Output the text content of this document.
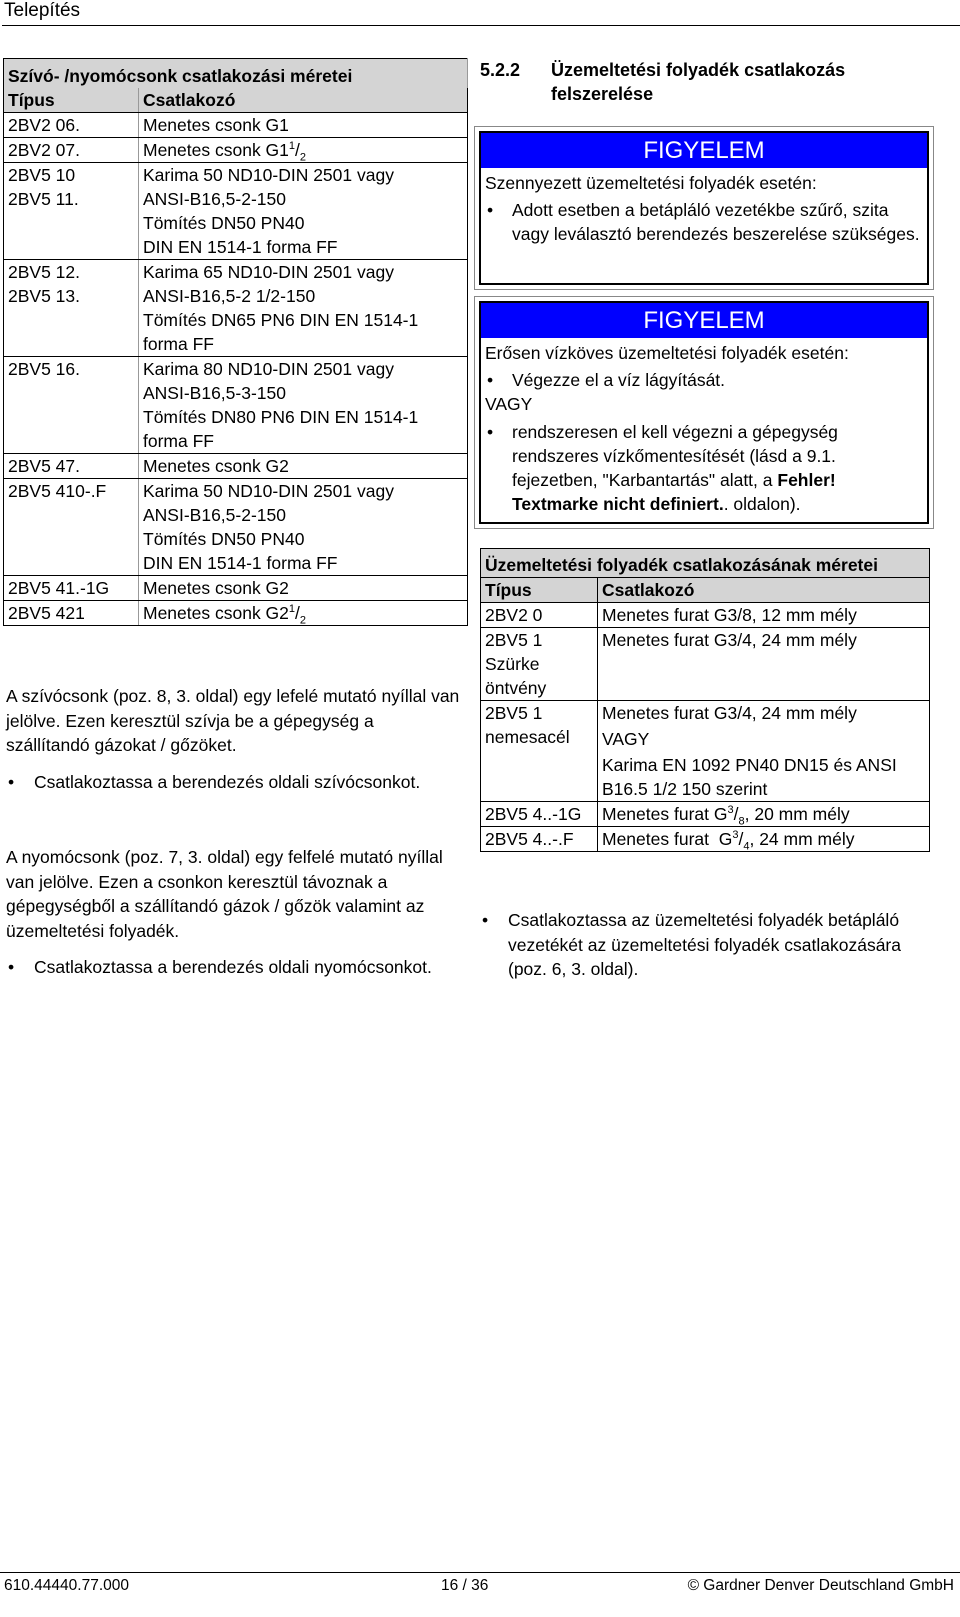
Telepítés
Szívó- /nyomócsonk csatlakozási méretei	
Típus	Csatlakozó
2BV2 06.	Menetes csonk G1
2BV2 07.	Menetes csonk $G1^1/_2$
2BV5 10
2BV5 11.	Karima 50 ND10-DIN 2501 vagy
ANSI-B16,5-2-150
Tömítés DN50 PN40
DIN EN 1514-1 forma FF
2BV5 12.
2BV5 13.	Karima 65 ND10-DIN 2501 vagy
ANSI-B16,5-2 1/2-150
Tömítés DN65 PN6 DIN EN 1514-1
forma FF
2BV5 16.	Karima 80 ND10-DIN 2501 vagy
ANSI-B16,5-3-150
Tömítés DN80 PN6 DIN EN 1514-1
forma FF
2BV5 47.	Menetes csonk G2
2BV5 410-.F	Karima 50 ND10-DIN 2501 vagy
ANSI-B16,5-2-150
Tömítés DN50 PN40
DIN EN 1514-1 forma FF
2BV5 41.-1G	Menetes csonk G2
2BV5 421	Menetes csonk $G2^1/_2$
A szívócsonk (poz. 8, 3. oldal) egy lefelé mutató nyíllal van jelölve. Ezen keresztül szívja be a gépegység a szállítandó gázokat / gőzöket.
• Csatlakoztassa a berendezés oldali szívócsonkot.
A nyomócsonk (poz. 7, 3. oldal) egy felfelé mutató nyíllal van jelölve. Ezen a csonkon keresztül távoznak a gépegységből a szállítandó gázok / gőzök valamint az üzemeltetési folyadék.
• Csatlakoztassa a berendezés oldali nyomócsonkot.
5.2.2 Üzemeltetési folyadék csatlakozás felszerelése
FIGYELEM
Szennyezett üzemeltetési folyadék esetén:
• Adott esetben a betápláló vezetékbe szűrő, szita vagy leválasztó berendezés beszerelése szükséges.
FIGYELEM
Erősen vízköves üzemeltetési folyadék esetén:
• Végezze el a víz lágyítását.
VAGY
• rendszeresen el kell végezni a gépegység rendszeres vízkőmentesítését (lásd a 9.1. fejezetben, "Karbantartás" alatt, a Fehler! Textmarke nicht definiert.. oldalon).
Üzemeltetési folyadék csatlakozásának méretei	
Típus	Csatlakozó
2BV2 0	Menetes furat G3/8, 12 mm mély
2BV5 1
Szürke
öntvény	Menetes furat G3/4, 24 mm mély
2BV5 1
nemesacél	Menetes furat G3/4, 24 mm mély

VAGY
Karima EN 1092 PN40 DN15 és ANSI B16.5 1/2 150 szerint

2BV5 4..-1G	Menetes furat $G^3/_8$, 20 mm mély
2BV5 4..-.F	Menetes furat  $G^3/_4$, 24 mm mély
• Csatlakoztassa az üzemeltetési folyadék betápláló vezetékét az üzemeltetési folyadék csatlakozására (poz. 6, 3. oldal).
610.44440.77.000	16 / 36	© Gardner Denver Deutschland GmbH
